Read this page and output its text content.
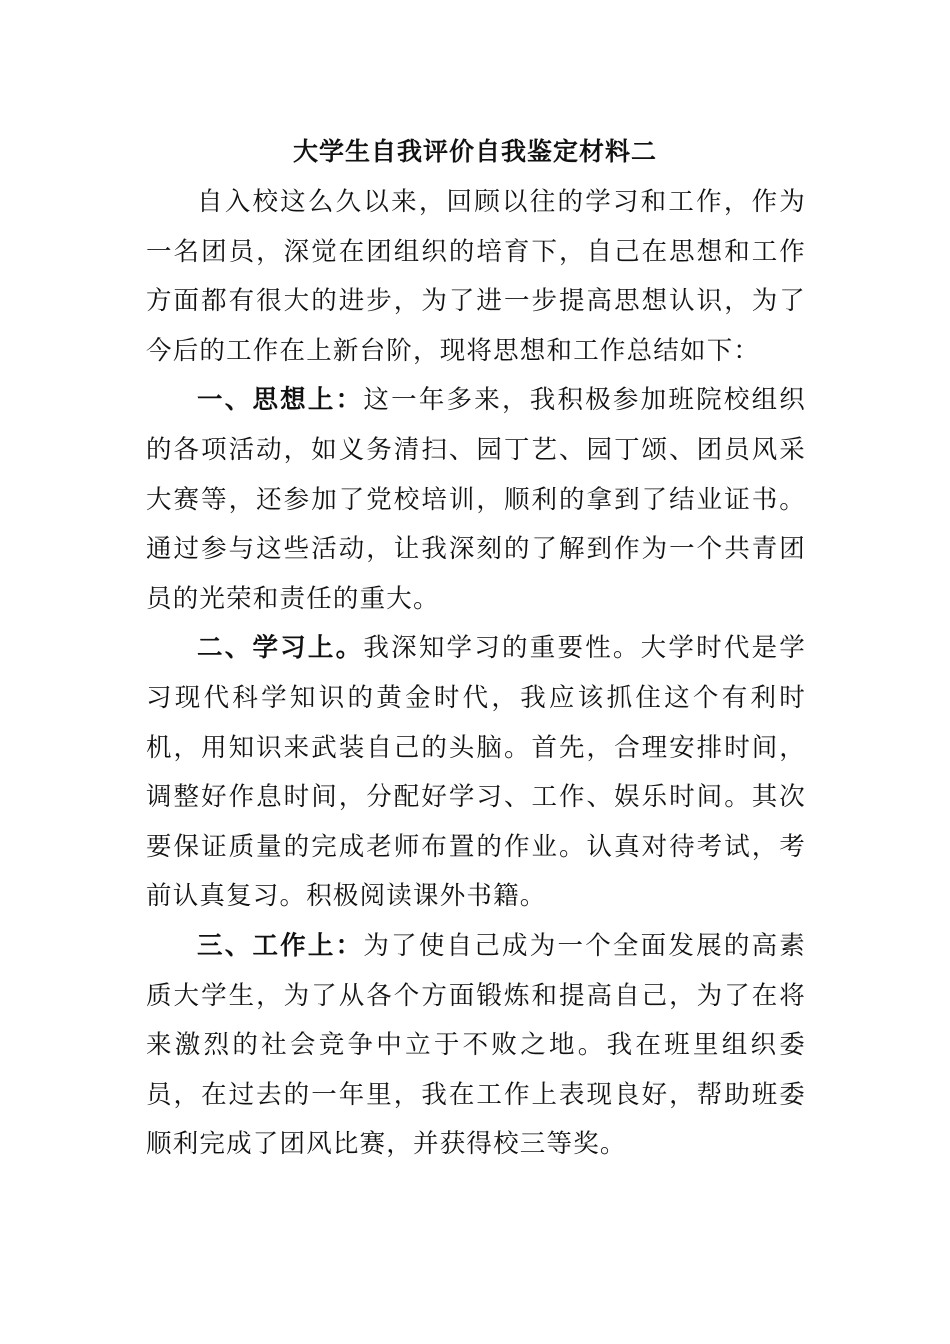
大学生自我评价自我鉴定材料二

自入校这么久以来，回顾以往的学习和工作，作为一名团员，深觉在团组织的培育下，自己在思想和工作方面都有很大的进步，为了进一步提高思想认识，为了今后的工作在上新台阶，现将思想和工作总结如下：

一、思想上：这一年多来，我积极参加班院校组织的各项活动，如义务清扫、园丁艺、园丁颂、团员风采大赛等，还参加了党校培训，顺利的拿到了结业证书。通过参与这些活动，让我深刻的了解到作为一个共青团员的光荣和责任的重大。

二、学习上。我深知学习的重要性。大学时代是学习现代科学知识的黄金时代，我应该抓住这个有利时机，用知识来武装自己的头脑。首先，合理安排时间，调整好作息时间，分配好学习、工作、娱乐时间。其次要保证质量的完成老师布置的作业。认真对待考试，考前认真复习。积极阅读课外书籍。

三、工作上：为了使自己成为一个全面发展的高素质大学生，为了从各个方面锻炼和提高自己，为了在将来激烈的社会竞争中立于不败之地。我在班里组织委员，在过去的一年里，我在工作上表现良好，帮助班委顺利完成了团风比赛，并获得校三等奖。
